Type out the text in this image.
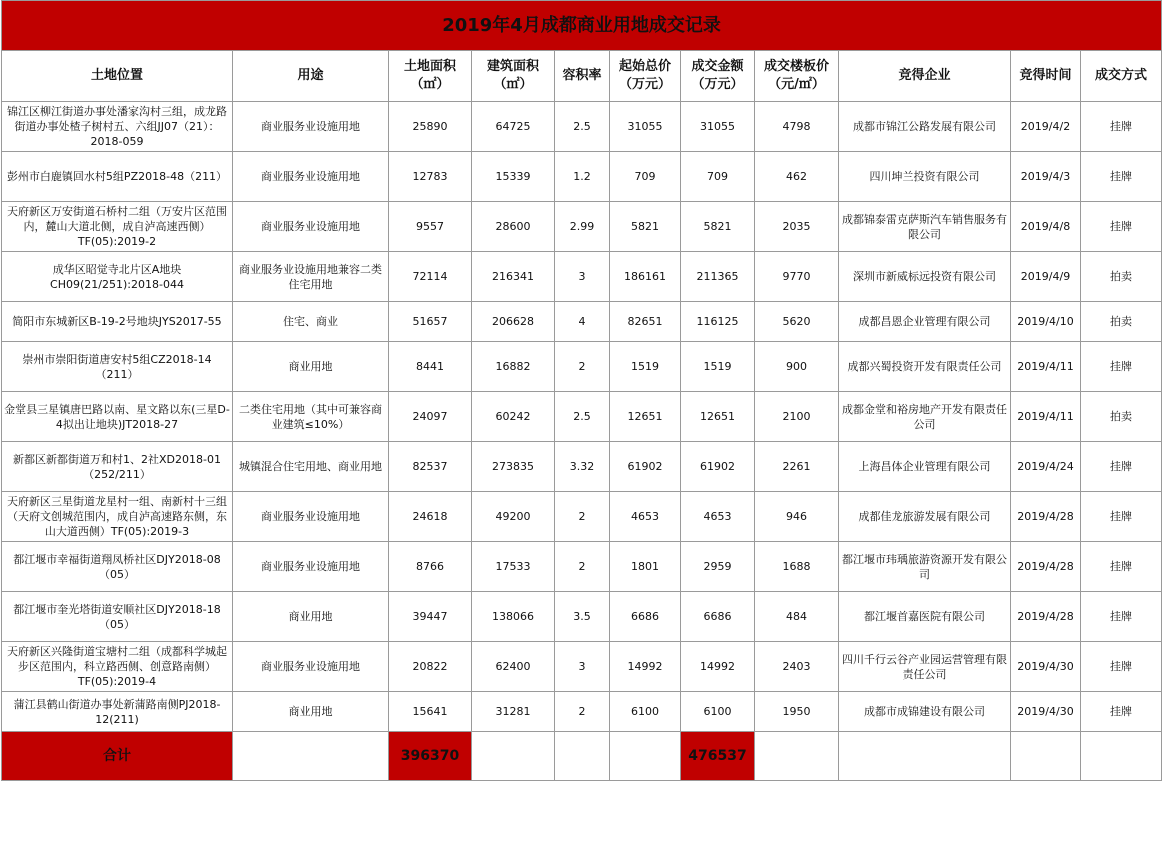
2019年4月成都商业用地成交记录										
土地位置	用途	土地面积（㎡）	建筑面积（㎡）	容积率	起始总价（万元）	成交金额（万元）	成交楼板价（元/㎡）	竞得企业	竞得时间	成交方式
锦江区柳江街道办事处潘家沟村三组，成龙路街道办事处楂子树村五、六组JJ07（21）：2018-059	商业服务业设施用地	25890	64725	2.5	31055	31055	4798	成都市锦江公路发展有限公司	2019/4/2	挂牌
彭州市白鹿镇回水村5组PZ2018-48（211）	商业服务业设施用地	12783	15339	1.2	709	709	462	四川坤兰投资有限公司	2019/4/3	挂牌
天府新区万安街道石桥村二组（万安片区范围内，麓山大道北侧，成自泸高速西侧）TF(05):2019-2	商业服务业设施用地	9557	28600	2.99	5821	5821	2035	成都锦泰雷克萨斯汽车销售服务有限公司	2019/4/8	挂牌
成华区昭觉寺北片区A地块CH09(21/251):2018-044	商业服务业设施用地兼容二类住宅用地	72114	216341	3	186161	211365	9770	深圳市新威标远投资有限公司	2019/4/9	拍卖
简阳市东城新区B-19-2号地块JYS2017-55	住宅、商业	51657	206628	4	82651	116125	5620	成都昌恩企业管理有限公司	2019/4/10	拍卖
崇州市崇阳街道唐安村5组CZ2018-14（211）	商业用地	8441	16882	2	1519	1519	900	成都兴蜀投资开发有限责任公司	2019/4/11	挂牌
金堂县三星镇唐巴路以南、星文路以东(三星D-4拟出让地块)JT2018-27	二类住宅用地（其中可兼容商业建筑≤10%）	24097	60242	2.5	12651	12651	2100	成都金堂和裕房地产开发有限责任公司	2019/4/11	拍卖
新都区新都街道万和村1、2社XD2018-01（252/211）	城镇混合住宅用地、商业用地	82537	273835	3.32	61902	61902	2261	上海昌体企业管理有限公司	2019/4/24	挂牌
天府新区三星街道龙星村一组、南新村十三组（天府文创城范围内，成自泸高速路东侧，东山大道西侧）TF(05):2019-3	商业服务业设施用地	24618	49200	2	4653	4653	946	成都佳龙旅游发展有限公司	2019/4/28	挂牌
都江堰市幸福街道翔凤桥社区DJY2018-08（05）	商业服务业设施用地	8766	17533	2	1801	2959	1688	都江堰市玮瑀旅游资源开发有限公司	2019/4/28	挂牌
都江堰市奎光塔街道安顺社区DJY2018-18（05）	商业用地	39447	138066	3.5	6686	6686	484	都江堰首嘉医院有限公司	2019/4/28	挂牌
天府新区兴隆街道宝塘村二组（成都科学城起步区范围内，科立路西侧、创意路南侧）TF(05):2019-4	商业服务业设施用地	20822	62400	3	14992	14992	2403	四川千行云谷产业园运营管理有限责任公司	2019/4/30	挂牌
蒲江县鹤山街道办事处新蒲路南侧PJ2018-12(211)	商业用地	15641	31281	2	6100	6100	1950	成都市成锦建设有限公司	2019/4/30	挂牌
合计		396370				476537				
